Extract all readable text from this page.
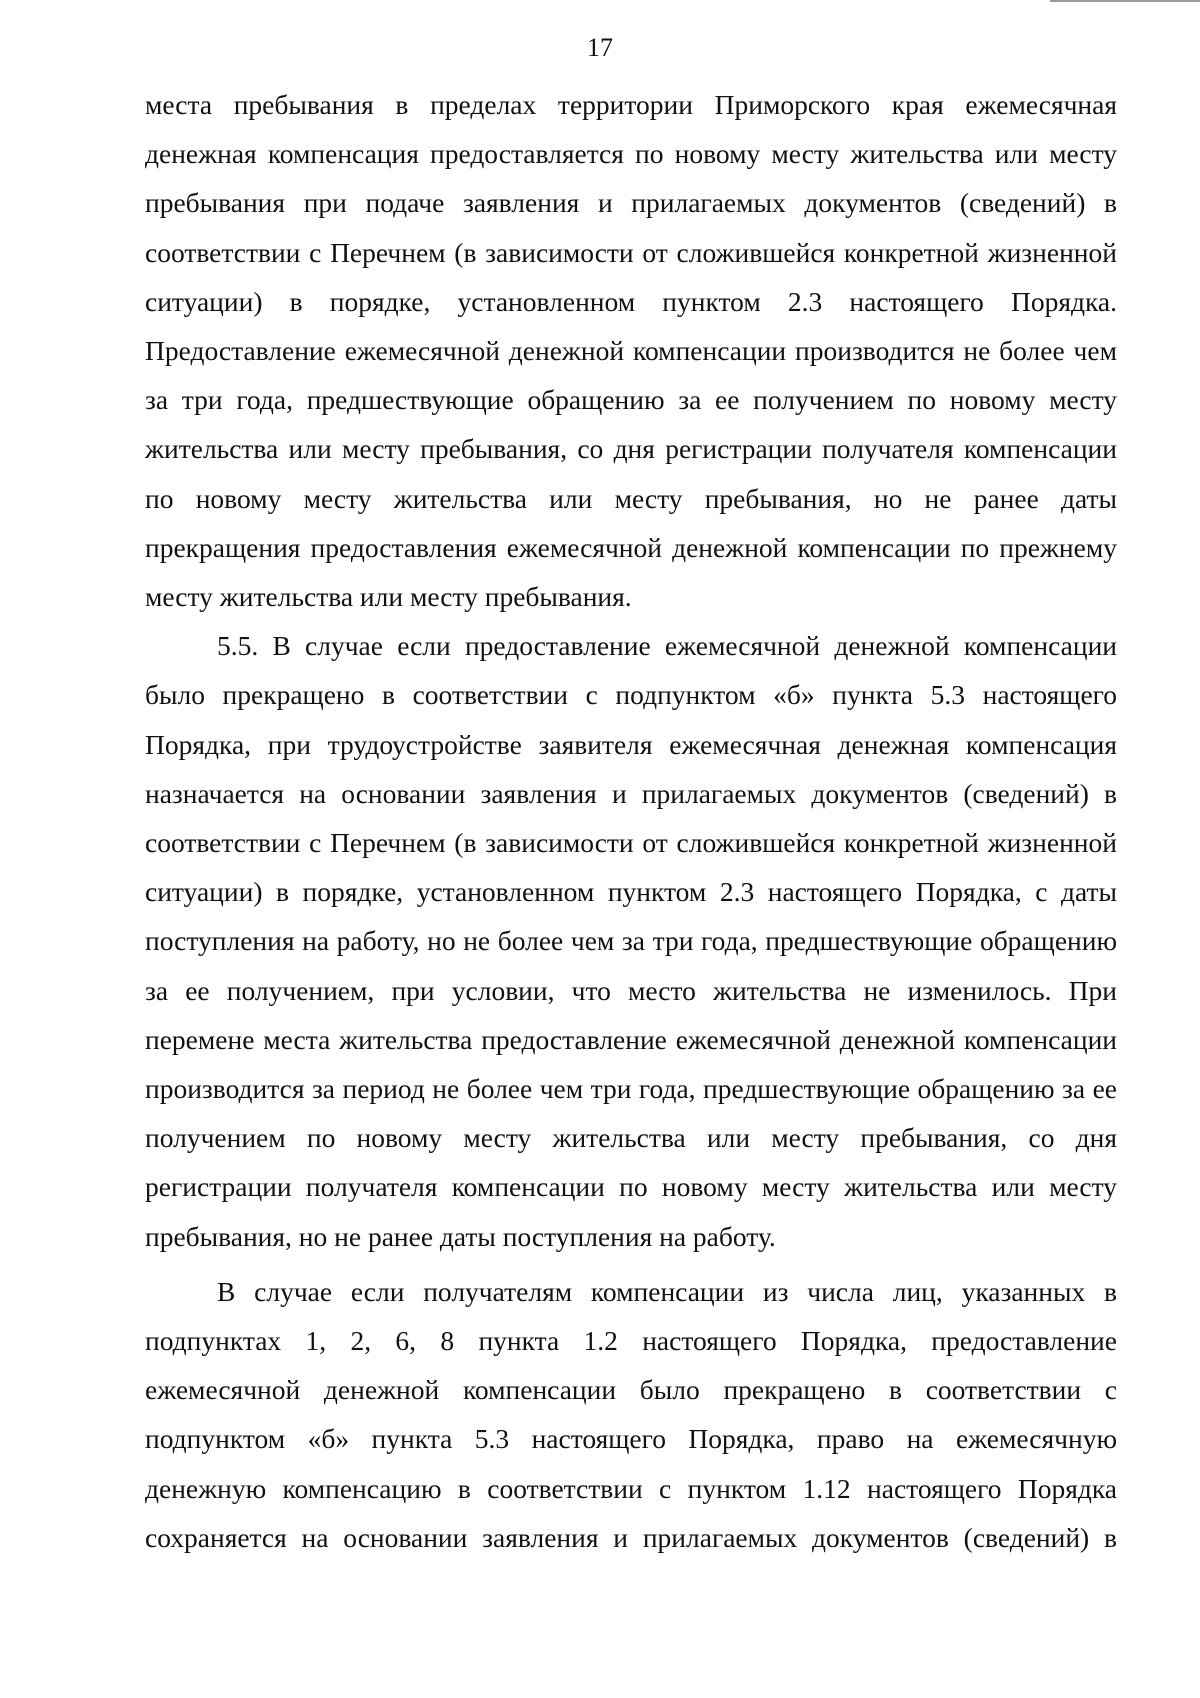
17

места пребывания в пределах территории Приморского края ежемесячная денежная компенсация предоставляется по новому месту жительства или месту пребывания при подаче заявления и прилагаемых документов (сведений) в соответствии с Перечнем (в зависимости от сложившейся конкретной жизненной ситуации) в порядке, установленном пунктом 2.3 настоящего Порядка. Предоставление ежемесячной денежной компенсации производится не более чем за три года, предшествующие обращению за ее получением по новому месту жительства или месту пребывания, со дня регистрации получателя компенсации по новому месту жительства или месту пребывания, но не ранее даты прекращения предоставления ежемесячной денежной компенсации по прежнему месту жительства или месту пребывания.

5.5. В случае если предоставление ежемесячной денежной компенсации было прекращено в соответствии с подпунктом «б» пункта 5.3 настоящего Порядка, при трудоустройстве заявителя ежемесячная денежная компенсация назначается на основании заявления и прилагаемых документов (сведений) в соответствии с Перечнем (в зависимости от сложившейся конкретной жизненной ситуации) в порядке, установленном пунктом 2.3 настоящего Порядка, с даты поступления на работу, но не более чем за три года, предшествующие обращению за ее получением, при условии, что место жительства не изменилось. При перемене места жительства предоставление ежемесячной денежной компенсации производится за период не более чем три года, предшествующие обращению за ее получением по новому месту жительства или месту пребывания, со дня регистрации получателя компенсации по новому месту жительства или месту пребывания, но не ранее даты поступления на работу.

В случае если получателям компенсации из числа лиц, указанных в подпунктах 1, 2, 6, 8 пункта 1.2 настоящего Порядка, предоставление ежемесячной денежной компенсации было прекращено в соответствии с подпунктом «б» пункта 5.3 настоящего Порядка, право на ежемесячную денежную компенсацию в соответствии с пунктом 1.12 настоящего Порядка сохраняется на основании заявления и прилагаемых документов (сведений) в
